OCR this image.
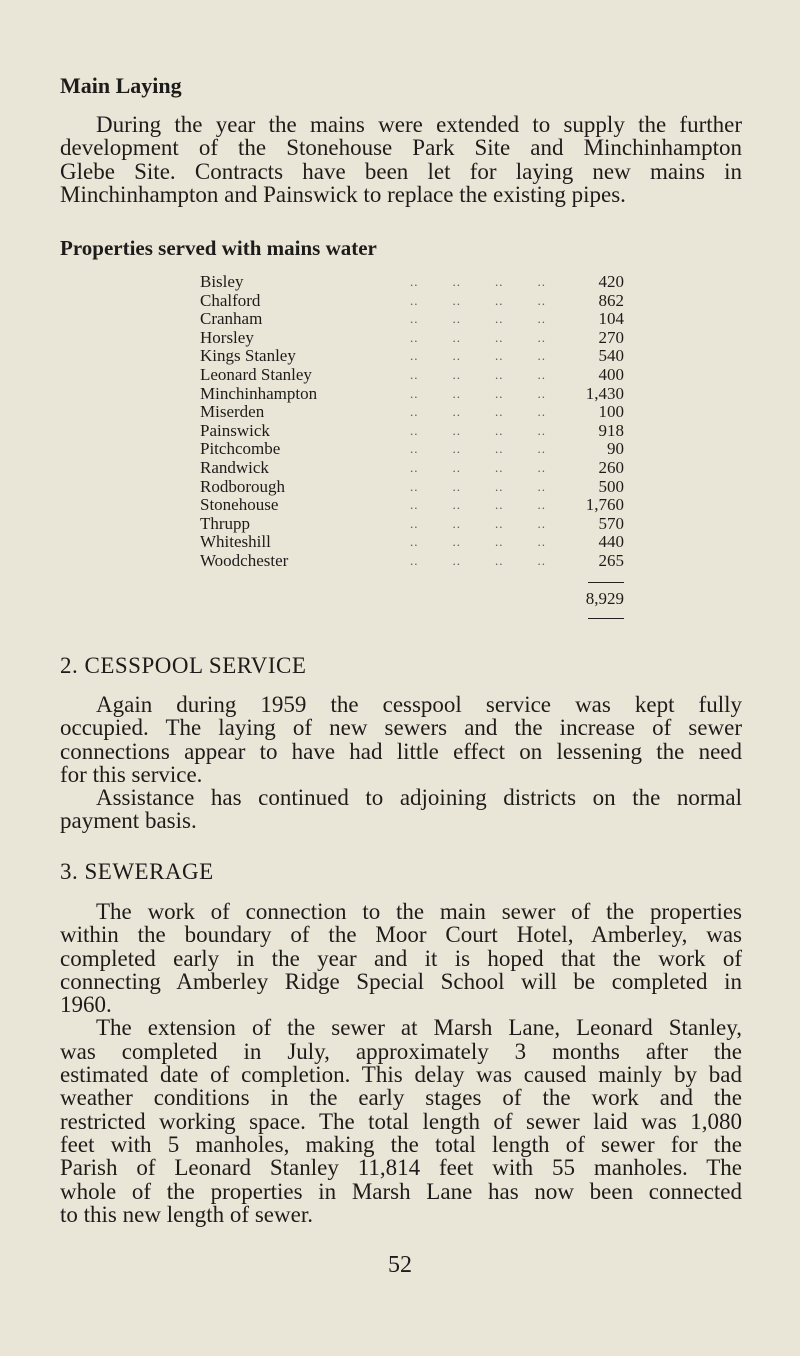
Main Laying
During the year the mains were extended to supply the further
development of the Stonehouse Park Site and Minchinhampton
Glebe Site. Contracts have been let for laying new mains in
Minchinhampton and Painswick to replace the existing pipes.
Properties served with mains water
Bisley	..        ..        ..        ..	420
Chalford	..        ..        ..        ..	862
Cranham	..        ..        ..        ..	104
Horsley	..        ..        ..        ..	270
Kings Stanley	..        ..        ..        ..	540
Leonard Stanley	..        ..        ..        ..	400
Minchinhampton	..        ..        ..        .. 1,430
Miserden	..        ..        ..        ..	100
Painswick	..        ..        ..        ..	918
Pitchcombe	..        ..        ..        ..	90
Randwick	..        ..        ..        ..	260
Rodborough	..        ..        ..        ..	500
Stonehouse	..        ..        ..        .. 1,760
Thrupp	..        ..        ..        ..	570
Whiteshill	..        ..        ..        ..	440
Woodchester	..        ..        ..        ..	265
8,929
2. CESSPOOL SERVICE
Again during 1959 the cesspool service was kept fully
occupied. The laying of new sewers and the increase of sewer
connections appear to have had little effect on lessening the need
for this service.
Assistance has continued to adjoining districts on the normal
payment basis.
3. SEWERAGE
The work of connection to the main sewer of the properties
within the boundary of the Moor Court Hotel, Amberley, was
completed early in the year and it is hoped that the work of
connecting Amberley Ridge Special School will be completed in
1960.
The extension of the sewer at Marsh Lane, Leonard Stanley,
was completed in July, approximately 3 months after the
estimated date of completion. This delay was caused mainly by bad
weather conditions in the early stages of the work and the
restricted working space. The total length of sewer laid was 1,080
feet with 5 manholes, making the total length of sewer for the
Parish of Leonard Stanley 11,814 feet with 55 manholes. The
whole of the properties in Marsh Lane has now been connected
to this new length of sewer.
52
